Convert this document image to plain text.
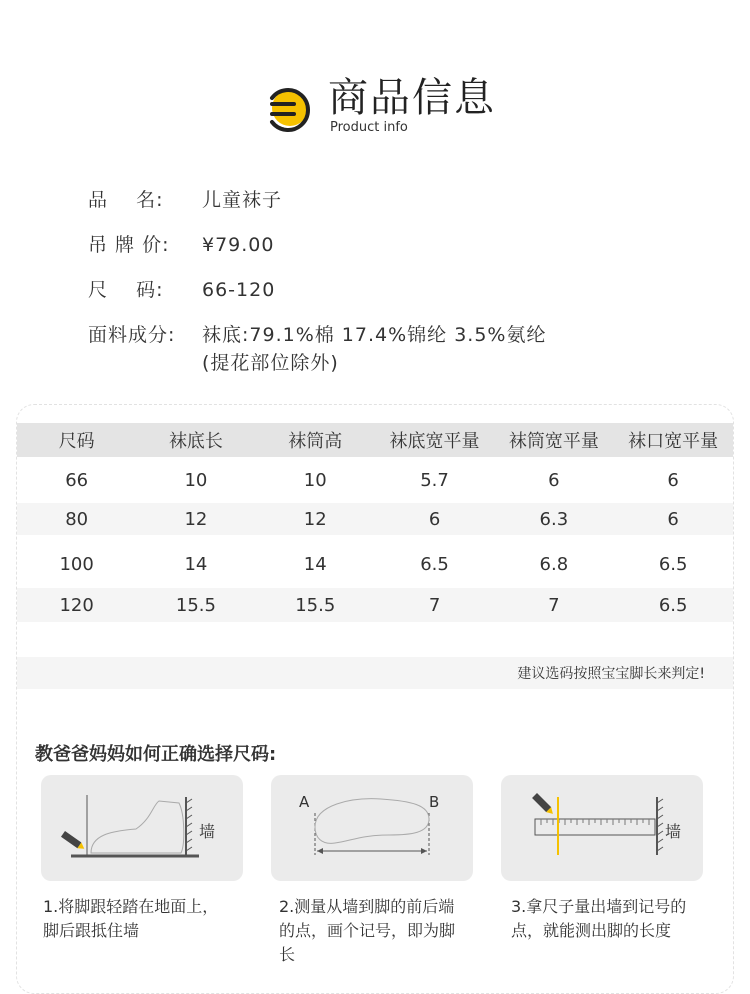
商品信息
Product info
品    名:	儿童袜子
吊 牌 价:	¥79.00
尺    码:	66-120
面料成分:	袜底:79.1%棉 17.4%锦纶 3.5%氨纶
(提花部位除外)
尺码	袜底长	袜筒高	袜底宽平量	袜筒宽平量	袜口宽平量
66	10	10	5.7	6	6
80	12	12	6	6.3	6
100	14	14	6.5	6.8	6.5
120	15.5	15.5	7	7	6.5
建议选码按照宝宝脚长来判定!
教爸爸妈妈如何正确选择尺码:
墙
A	B
墙
1.将脚跟轻踏在地面上，脚后跟抵住墙
2.测量从墙到脚的前后端的点，画个记号，即为脚长
3.拿尺子量出墙到记号的点，就能测出脚的长度
